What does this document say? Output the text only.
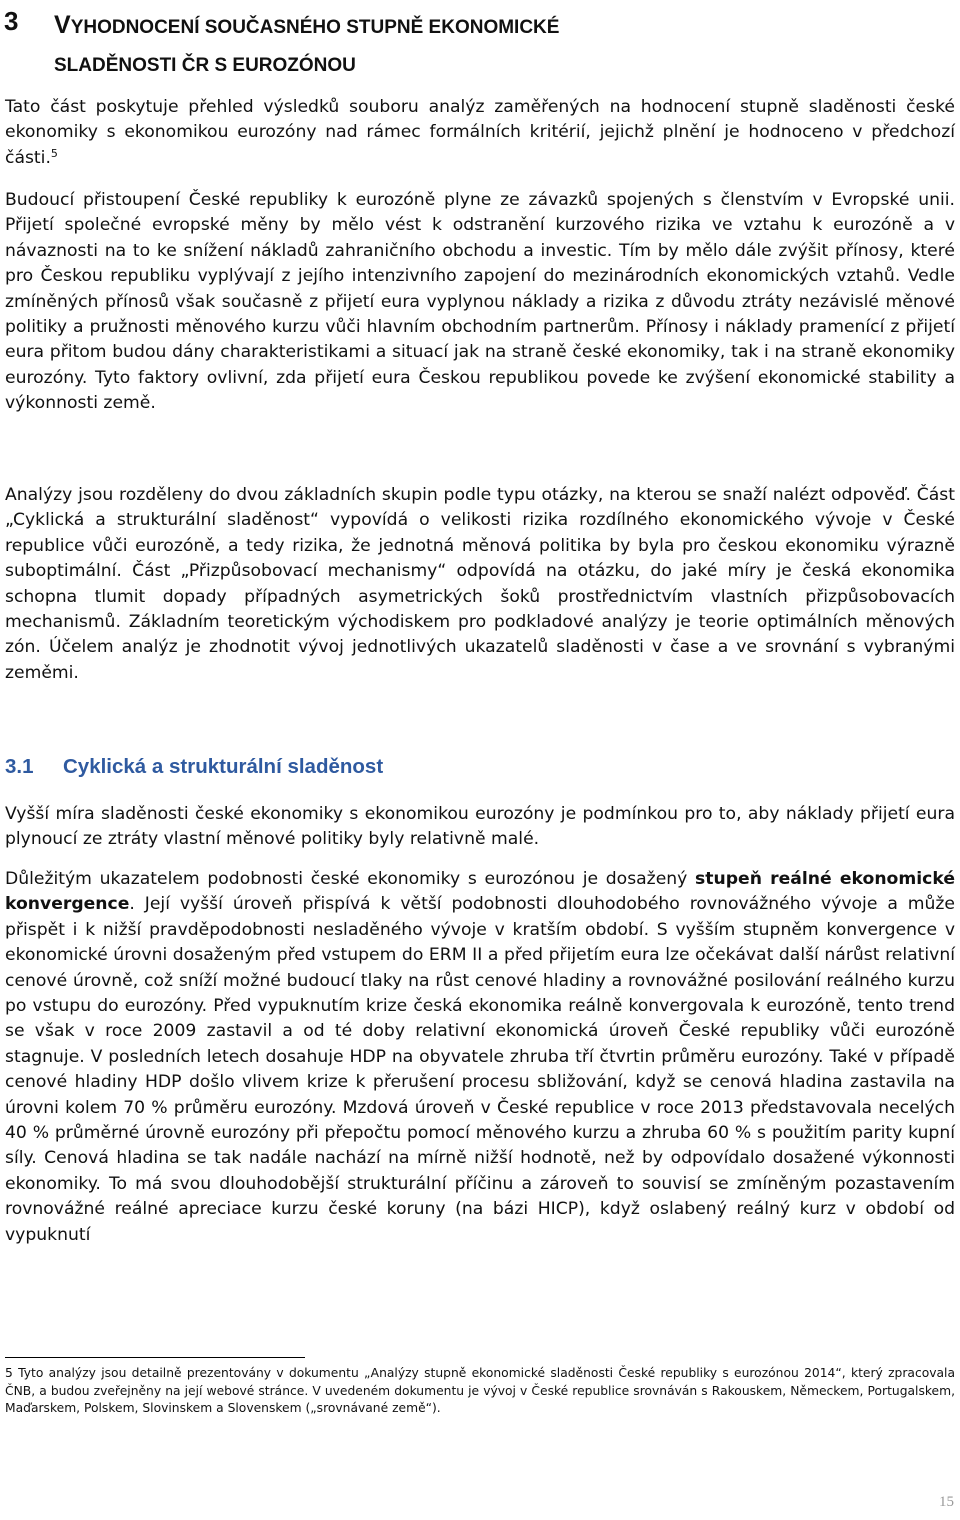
3 VYHODNOCENÍ SOUČASNÉHO STUPNĚ EKONOMICKÉ
SLADĚNOSTI ČR S EUROZÓNOU

Tato část poskytuje přehled výsledků souboru analýz zaměřených na hodnocení stupně sladěnosti české ekonomiky s ekonomikou eurozóny nad rámec formálních kritérií, jejichž plnění je hodnoceno v předchozí části.$^5$

Budoucí přistoupení České republiky k eurozóně plyne ze závazků spojených s členstvím v Evropské unii. Přijetí společné evropské měny by mělo vést k odstranění kurzového rizika ve vztahu k eurozóně a v návaznosti na to ke snížení nákladů zahraničního obchodu a investic. Tím by mělo dále zvýšit přínosy, které pro Českou republiku vyplývají z jejího intenzivního zapojení do mezinárodních ekonomických vztahů. Vedle zmíněných přínosů však současně z přijetí eura vyplynou náklady a rizika z důvodu ztráty nezávislé měnové politiky a pružnosti měnového kurzu vůči hlavním obchodním partnerům. Přínosy i náklady pramenící z přijetí eura přitom budou dány charakteristikami a situací jak na straně české ekonomiky, tak i na straně ekonomiky eurozóny. Tyto faktory ovlivní, zda přijetí eura Českou republikou povede ke zvýšení ekonomické stability a výkonnosti země.

Analýzy jsou rozděleny do dvou základních skupin podle typu otázky, na kterou se snaží nalézt odpověď. Část „Cyklická a strukturální sladěnost“ vypovídá o velikosti rizika rozdílného ekonomického vývoje v České republice vůči eurozóně, a tedy rizika, že jednotná měnová politika by byla pro českou ekonomiku výrazně suboptimální. Část „Přizpůsobovací mechanismy“ odpovídá na otázku, do jaké míry je česká ekonomika schopna tlumit dopady případných asymetrických šoků prostřednictvím vlastních přizpůsobovacích mechanismů. Základním teoretickým východiskem pro podkladové analýzy je teorie optimálních měnových zón. Účelem analýz je zhodnotit vývoj jednotlivých ukazatelů sladěnosti v čase a ve srovnání s vybranými zeměmi.

3.1 Cyklická a strukturální sladěnost

Vyšší míra sladěnosti české ekonomiky s ekonomikou eurozóny je podmínkou pro to, aby náklady přijetí eura plynoucí ze ztráty vlastní měnové politiky byly relativně malé.

Důležitým ukazatelem podobnosti české ekonomiky s eurozónou je dosažený stupeň reálné ekonomické konvergence. Její vyšší úroveň přispívá k větší podobnosti dlouhodobého rovnovážného vývoje a může přispět i k nižší pravděpodobnosti nesladěného vývoje v kratším období. S vyšším stupněm konvergence v ekonomické úrovni dosaženým před vstupem do ERM II a před přijetím eura lze očekávat další nárůst relativní cenové úrovně, což sníží možné budoucí tlaky na růst cenové hladiny a rovnovážné posilování reálného kurzu po vstupu do eurozóny. Před vypuknutím krize česká ekonomika reálně konvergovala k eurozóně, tento trend se však v roce 2009 zastavil a od té doby relativní ekonomická úroveň České republiky vůči eurozóně stagnuje. V posledních letech dosahuje HDP na obyvatele zhruba tří čtvrtin průměru eurozóny. Také v případě cenové hladiny HDP došlo vlivem krize k přerušení procesu sbližování, když se cenová hladina zastavila na úrovni kolem 70 % průměru eurozóny. Mzdová úroveň v České republice v roce 2013 představovala necelých 40 % průměrné úrovně eurozóny při přepočtu pomocí měnového kurzu a zhruba 60 % s použitím parity kupní síly. Cenová hladina se tak nadále nachází na mírně nižší hodnotě, než by odpovídalo dosažené výkonnosti ekonomiky. To má svou dlouhodobější strukturální příčinu a zároveň to souvisí se zmíněným pozastavením rovnovážné reálné apreciace kurzu české koruny (na bázi HICP), když oslabený reálný kurz v období od vypuknutí

5 Tyto analýzy jsou detailně prezentovány v dokumentu „Analýzy stupně ekonomické sladěnosti České republiky s eurozónou 2014“, který zpracovala ČNB, a budou zveřejněny na její webové stránce. V uvedeném dokumentu je vývoj v České republice srovnáván s Rakouskem, Německem, Portugalskem, Maďarskem, Polskem, Slovinskem a Slovenskem („srovnávané země“).

15
